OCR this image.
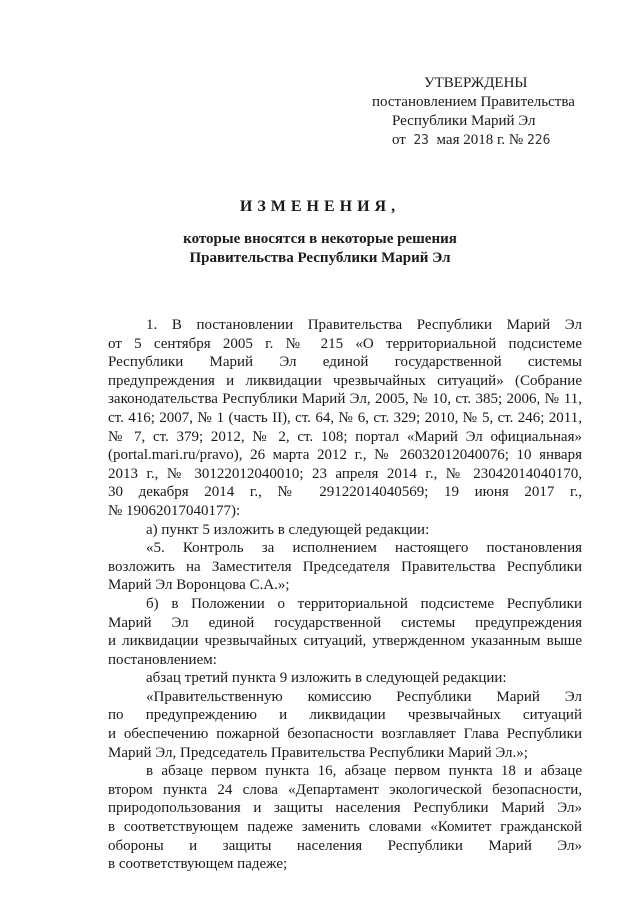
УТВЕРЖДЕНЫ
постановлением Правительства
Республики Марий Эл
от 23 мая 2018 г. № 226
ИЗМЕНЕНИЯ,
которые вносятся в некоторые решения
Правительства Республики Марий Эл
1. В постановлении Правительства Республики Марий Эл
от 5 сентября 2005 г. № 215 «О территориальной подсистеме
Республики Марий Эл единой государственной системы
предупреждения и ликвидации чрезвычайных ситуаций» (Собрание
законодательства Республики Марий Эл, 2005, № 10, ст. 385; 2006, № 11,
ст. 416; 2007, № 1 (часть II), ст. 64, № 6, ст. 329; 2010, № 5, ст. 246; 2011,
№ 7, ст. 379; 2012, № 2, ст. 108; портал «Марий Эл официальная»
(portal.mari.ru/pravo), 26 марта 2012 г., № 26032012040076; 10 января
2013 г., № 30122012040010; 23 апреля 2014 г., № 23042014040170,
30 декабря 2014 г., № 29122014040569; 19 июня 2017 г.,
№ 19062017040177):
а) пункт 5 изложить в следующей редакции:
«5. Контроль за исполнением настоящего постановления
возложить на Заместителя Председателя Правительства Республики
Марий Эл Воронцова С.А.»;
б) в Положении о территориальной подсистеме Республики
Марий Эл единой государственной системы предупреждения
и ликвидации чрезвычайных ситуаций, утвержденном указанным выше
постановлением:
абзац третий пункта 9 изложить в следующей редакции:
«Правительственную комиссию Республики Марий Эл
по предупреждению и ликвидации чрезвычайных ситуаций
и обеспечению пожарной безопасности возглавляет Глава Республики
Марий Эл, Председатель Правительства Республики Марий Эл.»;
в абзаце первом пункта 16, абзаце первом пункта 18 и абзаце
втором пункта 24 слова «Департамент экологической безопасности,
природопользования и защиты населения Республики Марий Эл»
в соответствующем падеже заменить словами «Комитет гражданской
обороны и защиты населения Республики Марий Эл»
в соответствующем падеже;
